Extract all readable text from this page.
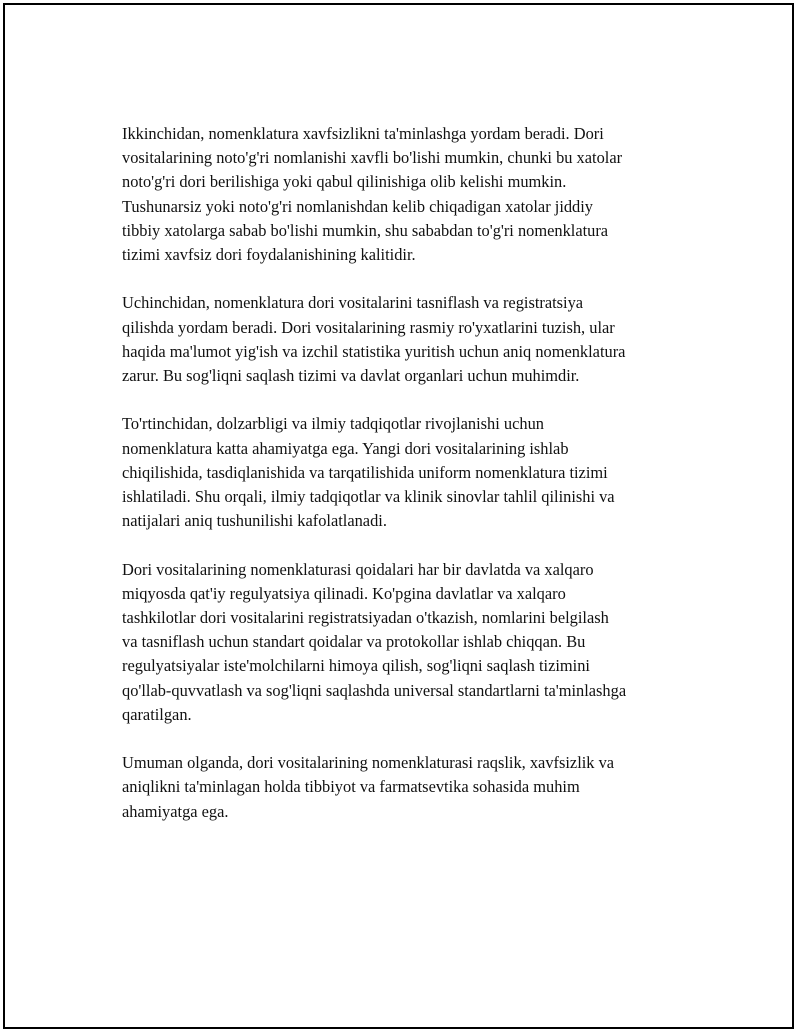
Ikkinchidan, nomenklatura xavfsizlikni ta'minlashga yordam beradi. Dori
vositalarining noto'g'ri nomlanishi xavfli bo'lishi mumkin, chunki bu xatolar
noto'g'ri dori berilishiga yoki qabul qilinishiga olib kelishi mumkin.
Tushunarsiz yoki noto'g'ri nomlanishdan kelib chiqadigan xatolar jiddiy
tibbiy xatolarga sabab bo'lishi mumkin, shu sababdan to'g'ri nomenklatura
tizimi xavfsiz dori foydalanishining kalitidir.

Uchinchidan, nomenklatura dori vositalarini tasniflash va registratsiya
qilishda yordam beradi. Dori vositalarining rasmiy ro'yxatlarini tuzish, ular
haqida ma'lumot yig'ish va izchil statistika yuritish uchun aniq nomenklatura
zarur. Bu sog'liqni saqlash tizimi va davlat organlari uchun muhimdir.

To'rtinchidan, dolzarbligi va ilmiy tadqiqotlar rivojlanishi uchun
nomenklatura katta ahamiyatga ega. Yangi dori vositalarining ishlab
chiqilishida, tasdiqlanishida va tarqatilishida uniform nomenklatura tizimi
ishlatiladi. Shu orqali, ilmiy tadqiqotlar va klinik sinovlar tahlil qilinishi va
natijalari aniq tushunilishi kafolatlanadi.

Dori vositalarining nomenklaturasi qoidalari har bir davlatda va xalqaro
miqyosda qat'iy regulyatsiya qilinadi. Ko'pgina davlatlar va xalqaro
tashkilotlar dori vositalarini registratsiyadan o'tkazish, nomlarini belgilash
va tasniflash uchun standart qoidalar va protokollar ishlab chiqqan. Bu
regulyatsiyalar iste'molchilarni himoya qilish, sog'liqni saqlash tizimini
qo'llab-quvvatlash va sog'liqni saqlashda universal standartlarni ta'minlashga
qaratilgan.

Umuman olganda, dori vositalarining nomenklaturasi raqslik, xavfsizlik va
aniqlikni ta'minlagan holda tibbiyot va farmatsevtika sohasida muhim
ahamiyatga ega.
